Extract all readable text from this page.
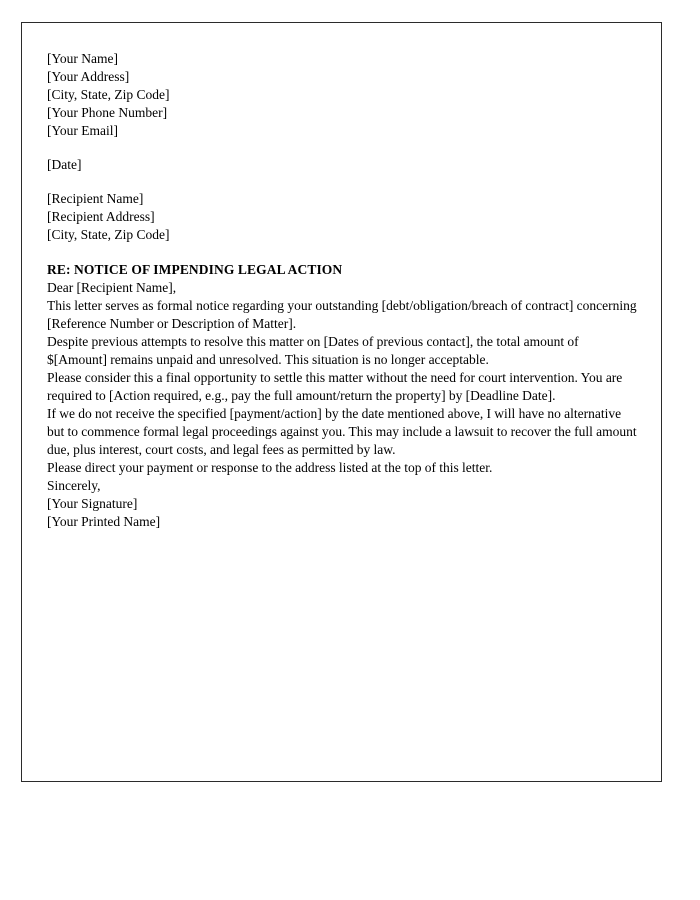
[Your Name]
[Your Address]
[City, State, Zip Code]
[Your Phone Number]
[Your Email]
[Date]
[Recipient Name]
[Recipient Address]
[City, State, Zip Code]
RE: NOTICE OF IMPENDING LEGAL ACTION

Dear [Recipient Name],

This letter serves as formal notice regarding your outstanding [debt/obligation/breach of contract] concerning [Reference Number or Description of Matter].

Despite previous attempts to resolve this matter on [Dates of previous contact], the total amount of $[Amount] remains unpaid and unresolved. This situation is no longer acceptable.

Please consider this a final opportunity to settle this matter without the need for court intervention. You are required to [Action required, e.g., pay the full amount/return the property] by [Deadline Date].

If we do not receive the specified [payment/action] by the date mentioned above, I will have no alternative but to commence formal legal proceedings against you. This may include a lawsuit to recover the full amount due, plus interest, court costs, and legal fees as permitted by law.

Please direct your payment or response to the address listed at the top of this letter.

Sincerely,

[Your Signature]

[Your Printed Name]
